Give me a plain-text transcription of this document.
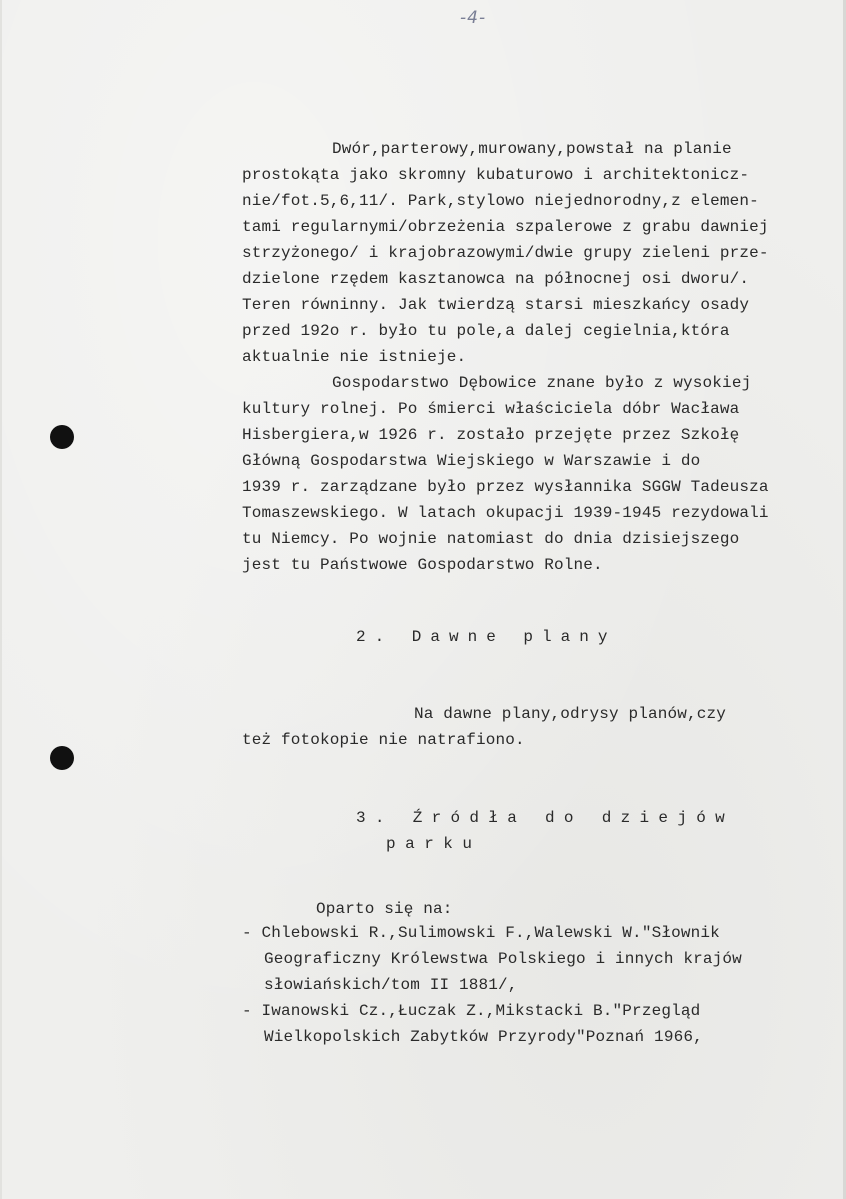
-4-
Dwór,parterowy,murowany,powstał na planie
prostokąta jako skromny kubaturowo i architektonicz-
nie/fot.5,6,11/. Park,stylowo niejednorodny,z elemen-
tami regularnymi/obrzeżenia szpalerowe z grabu dawniej
strzyżonego/ i krajobrazowymi/dwie grupy zieleni prze-
dzielone rzędem kasztanowca na północnej osi dworu/.
Teren równinny. Jak twierdzą starsi mieszkańcy osady
przed 192o r. było tu pole,a dalej cegielnia,która
aktualnie nie istnieje.
Gospodarstwo Dębowice znane było z wysokiej
kultury rolnej. Po śmierci właściciela dóbr Wacława
Hisbergiera,w 1926 r. zostało przejęte przez Szkołę
Główną Gospodarstwa Wiejskiego w Warszawie i do
1939 r. zarządzane było przez wysłannika SGGW Tadeusza
Tomaszewskiego. W latach okupacji 1939-1945 rezydowali
tu Niemcy. Po wojnie natomiast do dnia dzisiejszego
jest tu Państwowe Gospodarstwo Rolne.
2. Dawne plany
Na dawne plany,odrysy planów,czy
też fotokopie nie natrafiono.
3. Źródła do dziejów
parku
Oparto się na:
- Chlebowski R.,Sulimowski F.,Walewski W."Słownik
Geograficzny Królewstwa Polskiego i innych krajów
słowiańskich/tom II 1881/,
- Iwanowski Cz.,Łuczak Z.,Mikstacki B."Przegląd
Wielkopolskich Zabytków Przyrody"Poznań 1966,
